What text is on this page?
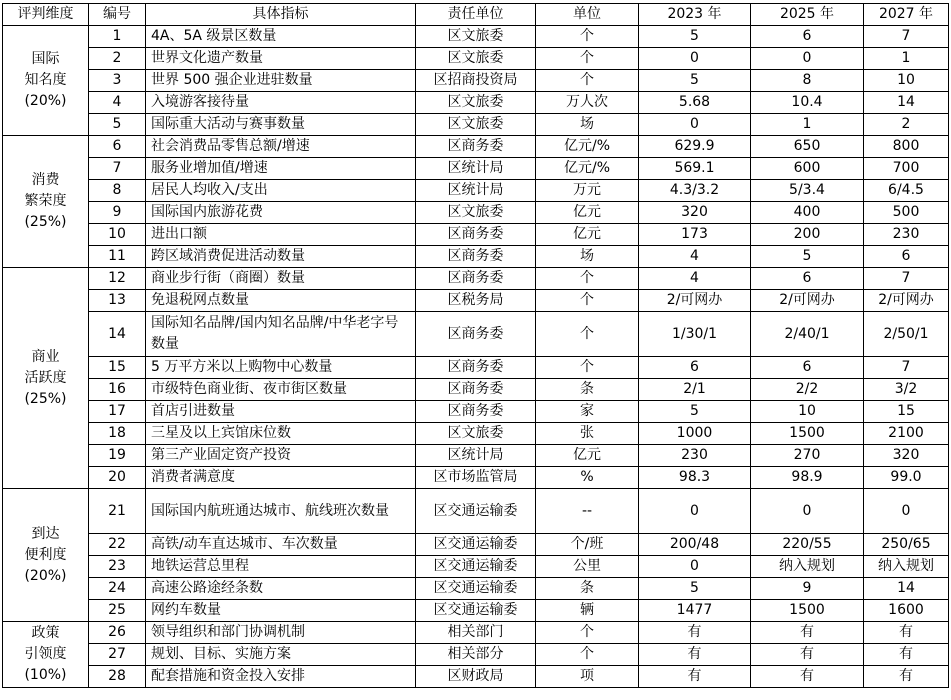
评判维度	编号	具体指标	责任单位	单位	2023 年	2025 年	2027 年

国际
知名度
(20%)	1	4A、5A 级景区数量	区文旅委	个	5	6	7
	2	世界文化遗产数量	区文旅委	个	0	0	1
	3	世界 500 强企业进驻数量	区招商投资局	个	5	8	10
	4	入境游客接待量	区文旅委	万人次	5.68	10.4	14
	5	国际重大活动与赛事数量	区文旅委	场	0	1	2

消费
繁荣度
(25%)	6	社会消费品零售总额/增速	区商务委	亿元/%	629.9	650	800
	7	服务业增加值/增速	区统计局	亿元/%	569.1	600	700
	8	居民人均收入/支出	区统计局	万元	4.3/3.2	5/3.4	6/4.5
	9	国际国内旅游花费	区文旅委	亿元	320	400	500
	10	进出口额	区商务委	亿元	173	200	230
	11	跨区域消费促进活动数量	区商务委	场	4	5	6

商业
活跃度
(25%)	12	商业步行街（商圈）数量	区商务委	个	4	6	7
	13	免退税网点数量	区税务局	个	2/可网办	2/可网办	2/可网办
	14	国际知名品牌/国内知名品牌/中华老字号数量	区商务委	个	1/30/1	2/40/1	2/50/1
	15	5 万平方米以上购物中心数量	区商务委	个	6	6	7
	16	市级特色商业街、夜市街区数量	区商务委	条	2/1	2/2	3/2
	17	首店引进数量	区商务委	家	5	10	15
	18	三星及以上宾馆床位数	区文旅委	张	1000	1500	2100
	19	第三产业固定资产投资	区统计局	亿元	230	270	320
	20	消费者满意度	区市场监管局	%	98.3	98.9	99.0

到达
便利度
(20%)	21	国际国内航班通达城市、航线班次数量	区交通运输委	--	0	0	0
	22	高铁/动车直达城市、车次数量	区交通运输委	个/班	200/48	220/55	250/65
	23	地铁运营总里程	区交通运输委	公里	0	纳入规划	纳入规划
	24	高速公路途经条数	区交通运输委	条	5	9	14
	25	网约车数量	区交通运输委	辆	1477	1500	1600

政策
引领度
(10%)	26	领导组织和部门协调机制	相关部门	个	有	有	有
	27	规划、目标、实施方案	相关部分	个	有	有	有
	28	配套措施和资金投入安排	区财政局	项	有	有	有
